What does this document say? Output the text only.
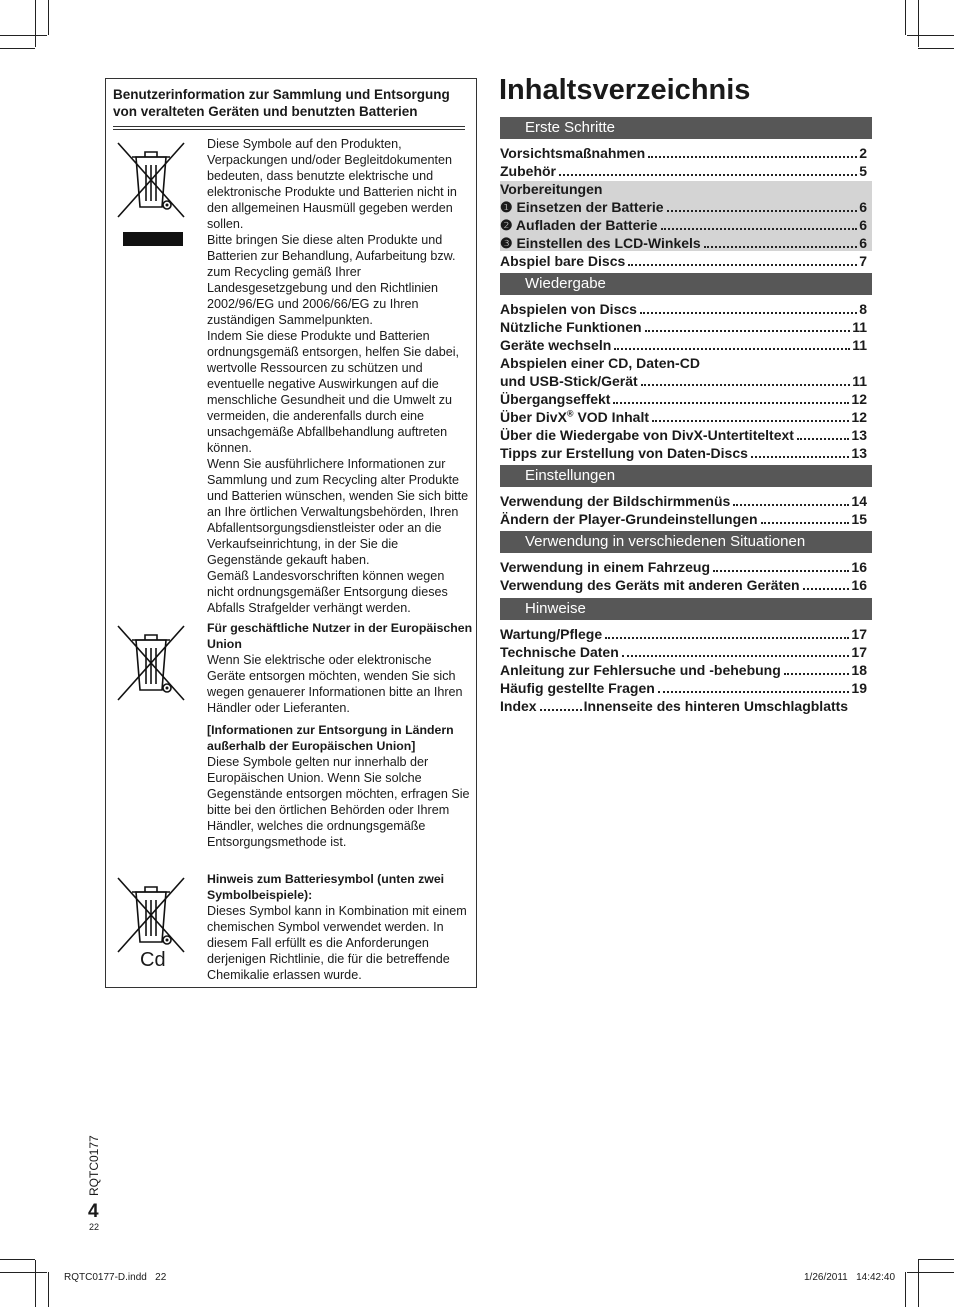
Benutzerinformation zur Sammlung und Entsorgung von veralteten Geräten und benutzten Batterien
Diese Symbole auf den Produkten, Verpackungen und/oder Begleitdokumenten bedeuten, dass benutzte elektrische und elektronische Produkte und Batterien nicht in den allgemeinen Hausmüll gegeben werden sollen.
Bitte bringen Sie diese alten Produkte und Batterien zur Behandlung, Aufarbeitung bzw. zum Recycling gemäß Ihrer Landesgesetzgebung und den Richtlinien 2002/96/EG und 2006/66/EG zu Ihren zuständigen Sammelpunkten.
Indem Sie diese Produkte und Batterien ordnungsgemäß entsorgen, helfen Sie dabei, wertvolle Ressourcen zu schützen und eventuelle negative Auswirkungen auf die menschliche Gesundheit und die Umwelt zu vermeiden, die anderenfalls durch eine unsachgemäße Abfallbehandlung auftreten können.
Wenn Sie ausführlichere Informationen zur Sammlung und zum Recycling alter Produkte und Batterien wünschen, wenden Sie sich bitte an Ihre örtlichen Verwaltungsbehörden, Ihren Abfallentsorgungsdienstleister oder an die Verkaufseinrichtung, in der Sie die Gegenstände gekauft haben.
Gemäß Landesvorschriften können wegen nicht ordnungsgemäßer Entsorgung dieses Abfalls Strafgelder verhängt werden.
Für geschäftliche Nutzer in der Europäischen Union
Wenn Sie elektrische oder elektronische Geräte entsorgen möchten, wenden Sie sich wegen genauerer Informationen bitte an Ihren Händler oder Lieferanten.
[Informationen zur Entsorgung in Ländern außerhalb der Europäischen Union]
Diese Symbole gelten nur innerhalb der Europäischen Union. Wenn Sie solche Gegenstände entsorgen möchten, erfragen Sie bitte bei den örtlichen Behörden oder Ihrem Händler, welches die ordnungsgemäße Entsorgungsmethode ist.
Cd
Hinweis zum Batteriesymbol (unten zwei Symbolbeispiele):
Dieses Symbol kann in Kombination mit einem chemischen Symbol verwendet werden. In diesem Fall erfüllt es die Anforderungen derjenigen Richtlinie, die für die betreffende Chemikalie erlassen wurde.
Inhaltsverzeichnis
Erste Schritte
Vorsichtsmaßnahmen	2
Zubehör	5
Vorbereitungen
❶ Einsetzen der Batterie	6
❷ Aufladen der Batterie	6
❸ Einstellen des LCD-Winkels	6
Abspiel bare Discs	7
Wiedergabe
Abspielen von Discs	8
Nützliche Funktionen	11
Geräte wechseln	11
Abspielen einer CD, Daten-CD
und USB-Stick/Gerät	11
Übergangseffekt	12
Über DivX® VOD Inhalt	12
Über die Wiedergabe von DivX-Untertiteltext	13
Tipps zur Erstellung von Daten-Discs	13
Einstellungen
Verwendung der Bildschirmmenüs	14
Ändern der Player-Grundeinstellungen	15
Verwendung in verschiedenen Situationen
Verwendung in einem Fahrzeug	16
Verwendung des Geräts mit anderen Geräten	16
Hinweise
Wartung/Pflege	17
Technische Daten	17
Anleitung zur Fehlersuche und -behebung	18
Häufig gestellte Fragen	19
Index	Innenseite des hinteren Umschlagblatts
RQTC0177
4
22
RQTC0177-D.indd   22	1/26/2011   14:42:40
